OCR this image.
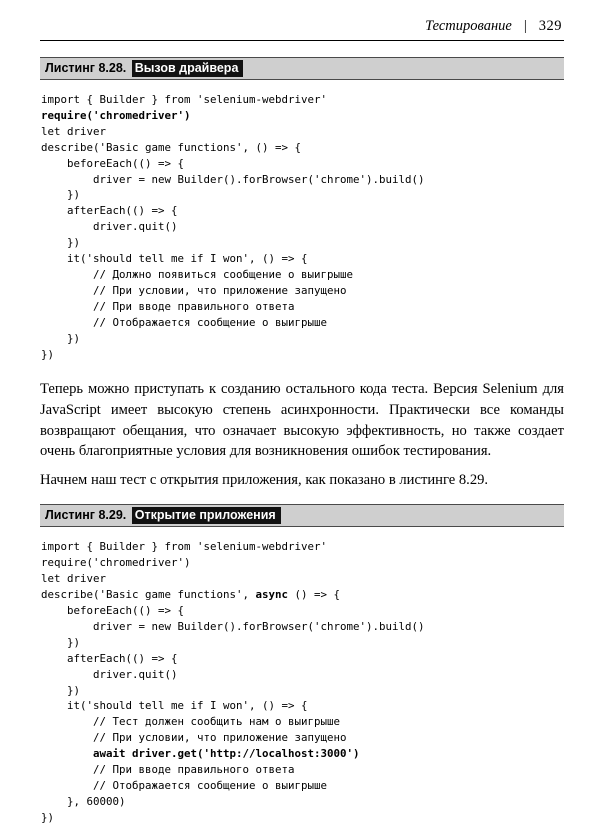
Тестирование | 329
Листинг 8.28. Вызов драйвера
import { Builder } from 'selenium-webdriver'
require('chromedriver')
let driver
describe('Basic game functions', () => {
beforeEach(() => {
driver = new Builder().forBrowser('chrome').build()
})
afterEach(() => {
driver.quit()
})
it('should tell me if I won', () => {
// Должно появиться сообщение о выигрыше
// При условии, что приложение запущено
// При вводе правильного ответа
// Отображается сообщение о выигрыше
})
})

Теперь можно приступать к созданию остального кода теста. Версия Selenium для JavaScript имеет высокую степень асинхронности. Практически все команды возвращают обещания, что означает высокую эффективность, но также создает очень благоприятные условия для возникновения ошибок тестирования.

Начнем наш тест с открытия приложения, как показано в листинге 8.29.

Листинг 8.29. Открытие приложения
import { Builder } from 'selenium-webdriver'
require('chromedriver')
let driver
describe('Basic game functions', async () => {
beforeEach(() => {
driver = new Builder().forBrowser('chrome').build()
})
afterEach(() => {
driver.quit()
})
it('should tell me if I won', () => {
// Тест должен сообщить нам о выигрыше
// При условии, что приложение запущено
await driver.get('http://localhost:3000')
// При вводе правильного ответа
// Отображается сообщение о выигрыше
}, 60000)
})
